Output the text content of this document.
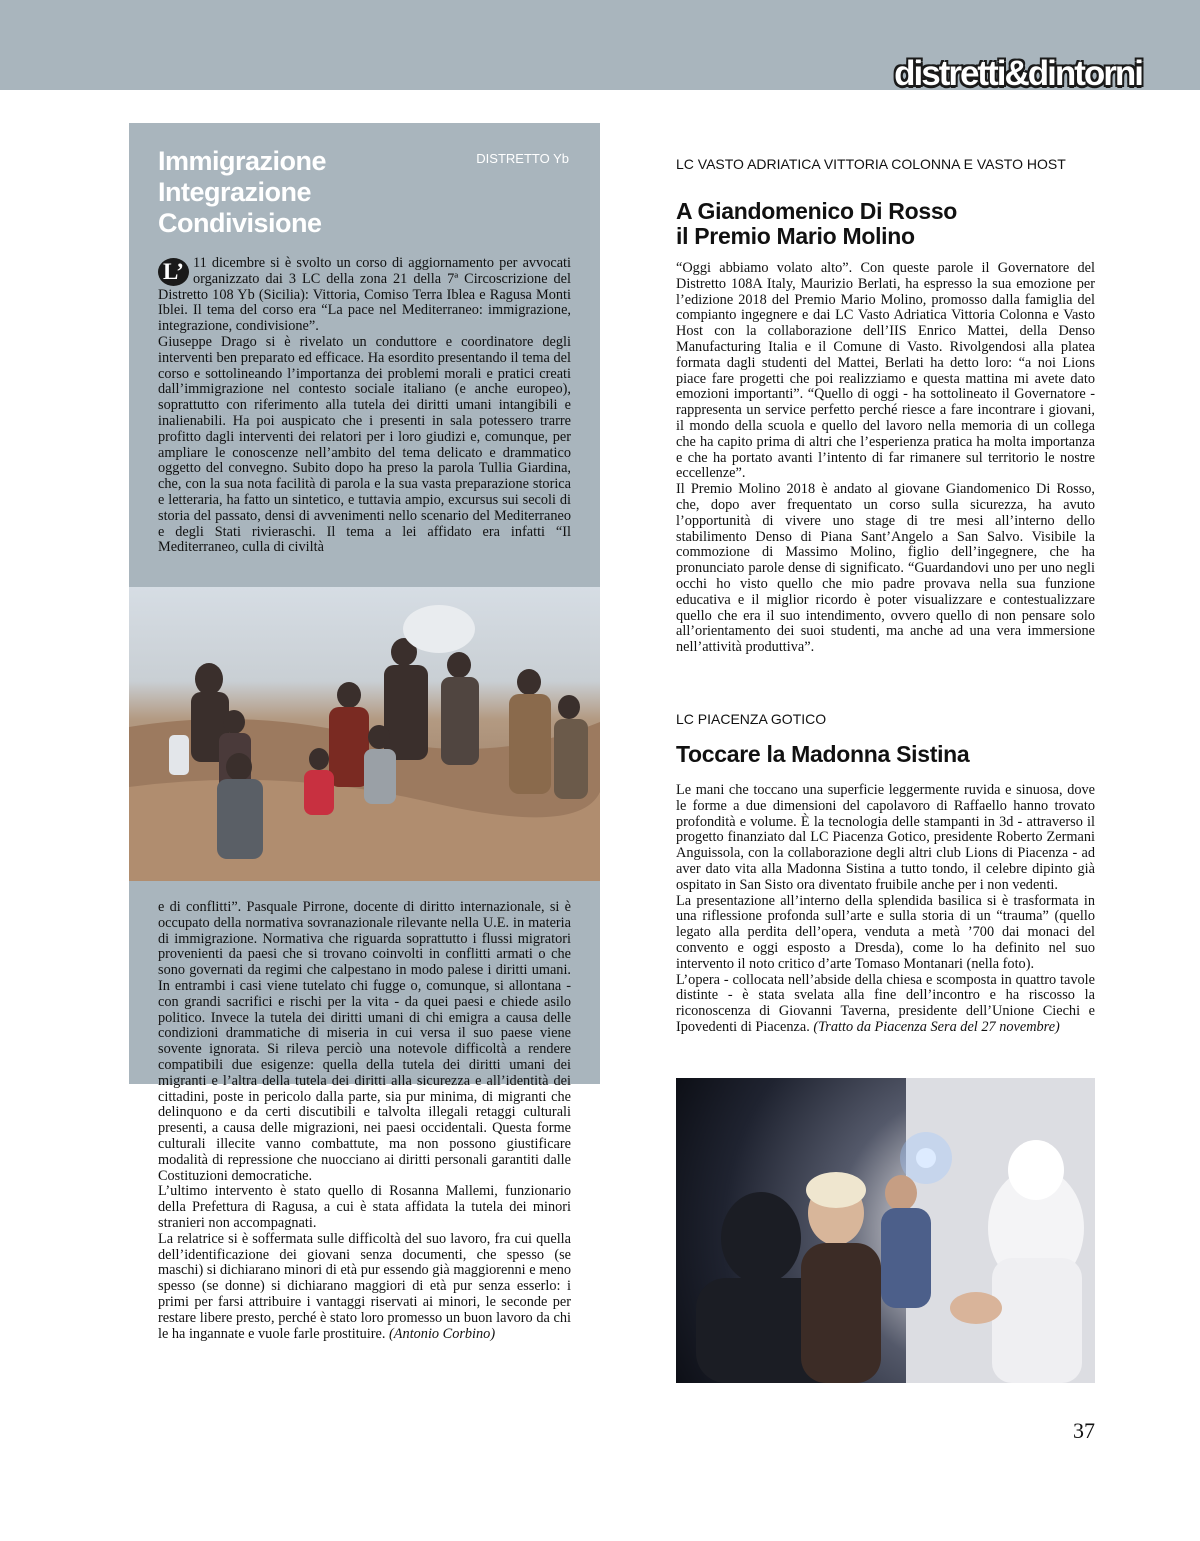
distretti&dintorni
Immigrazione
Integrazione
Condivisione
DISTRETTO Yb

L’ 11 dicembre si è svolto un corso di aggiornamento per avvocati organizzato dai 3 LC della zona 21 della 7ª Circoscrizione del Distretto 108 Yb (Sicilia): Vittoria, Comiso Terra Iblea e Ragusa Monti Iblei. Il tema del corso era “La pace nel Mediterraneo: immigrazione, integrazione, condivisione”.

Giuseppe Drago si è rivelato un conduttore e coordinatore degli interventi ben preparato ed efficace. Ha esordito presentando il tema del corso e sottolineando l’importanza dei problemi morali e pratici creati dall’immigrazione nel contesto sociale italiano (e anche europeo), soprattutto con riferimento alla tutela dei diritti umani intangibili e inalienabili. Ha poi auspicato che i presenti in sala potessero trarre profitto dagli interventi dei relatori per i loro giudizi e, comunque, per ampliare le conoscenze nell’ambito del tema delicato e drammatico oggetto del convegno. Subito dopo ha preso la parola Tullia Giardina, che, con la sua nota facilità di parola e la sua vasta preparazione storica e letteraria, ha fatto un sintetico, e tuttavia ampio, excursus sui secoli di storia del passato, densi di avvenimenti nello scenario del Mediterraneo e degli Stati rivieraschi. Il tema a lei affidato era infatti “Il Mediterraneo, culla di civiltà

e di conflitti”. Pasquale Pirrone, docente di diritto internazionale, si è occupato della normativa sovranazionale rilevante nella U.E. in materia di immigrazione. Normativa che riguarda soprattutto i flussi migratori provenienti da paesi che si trovano coinvolti in conflitti armati o che sono governati da regimi che calpestano in modo palese i diritti umani. In entrambi i casi viene tutelato chi fugge o, comunque, si allontana - con grandi sacrifici e rischi per la vita - da quei paesi e chiede asilo politico. Invece la tutela dei diritti umani di chi emigra a causa delle condizioni drammatiche di miseria in cui versa il suo paese viene sovente ignorata. Si rileva perciò una notevole difficoltà a rendere compatibili due esigenze: quella della tutela dei diritti umani dei migranti e l’altra della tutela dei diritti alla sicurezza e all’identità dei cittadini, poste in pericolo dalla parte, sia pur minima, di migranti che delinquono e da certi discutibili e talvolta illegali retaggi culturali presenti, a causa delle migrazioni, nei paesi occidentali. Questa forme culturali illecite vanno combattute, ma non possono giustificare modalità di repressione che nuocciano ai diritti personali garantiti dalle Costituzioni democratiche.

L’ultimo intervento è stato quello di Rosanna Mallemi, funzionario della Prefettura di Ragusa, a cui è stata affidata la tutela dei minori stranieri non accompagnati.

La relatrice si è soffermata sulle difficoltà del suo lavoro, fra cui quella dell’identificazione dei giovani senza documenti, che spesso (se maschi) si dichiarano minori di età pur essendo già maggiorenni e meno spesso (se donne) si dichiarano maggiori di età pur senza esserlo: i primi per farsi attribuire i vantaggi riservati ai minori, le seconde per restare libere presto, perché è stato loro promesso un buon lavoro da chi le ha ingannate e vuole farle prostituire. (Antonio Corbino)

LC VASTO ADRIATICA VITTORIA COLONNA E VASTO HOST
A Giandomenico Di Rosso
il Premio Mario Molino

“Oggi abbiamo volato alto”. Con queste parole il Governatore del Distretto 108A Italy, Maurizio Berlati, ha espresso la sua emozione per l’edizione 2018 del Premio Mario Molino, promosso dalla famiglia del compianto ingegnere e dai LC Vasto Adriatica Vittoria Colonna e Vasto Host con la collaborazione dell’IIS Enrico Mattei, della Denso Manufacturing Italia e il Comune di Vasto. Rivolgendosi alla platea formata dagli studenti del Mattei, Berlati ha detto loro: “a noi Lions piace fare progetti che poi realizziamo e questa mattina mi avete dato emozioni importanti”. “Quello di oggi - ha sottolineato il Governatore - rappresenta un service perfetto perché riesce a fare incontrare i giovani, il mondo della scuola e quello del lavoro nella memoria di un collega che ha capito prima di altri che l’esperienza pratica ha molta importanza e che ha portato avanti l’intento di far rimanere sul territorio le nostre eccellenze”.

Il Premio Molino 2018 è andato al giovane Giandomenico Di Rosso, che, dopo aver frequentato un corso sulla sicurezza, ha avuto l’opportunità di vivere uno stage di tre mesi all’interno dello stabilimento Denso di Piana Sant’Angelo a San Salvo. Visibile la commozione di Massimo Molino, figlio dell’ingegnere, che ha pronunciato parole dense di significato. “Guardandovi uno per uno negli occhi ho visto quello che mio padre provava nella sua funzione educativa e il miglior ricordo è poter visualizzare e contestualizzare quello che era il suo intendimento, ovvero quello di non pensare solo all’orientamento dei suoi studenti, ma anche ad una vera immersione nell’attività produttiva”.

LC PIACENZA GOTICO
Toccare la Madonna Sistina

Le mani che toccano una superficie leggermente ruvida e sinuosa, dove le forme a due dimensioni del capolavoro di Raffaello hanno trovato profondità e volume. È la tecnologia delle stampanti in 3d - attraverso il progetto finanziato dal LC Piacenza Gotico, presidente Roberto Zermani Anguissola, con la collaborazione degli altri club Lions di Piacenza - ad aver dato vita alla Madonna Sistina a tutto tondo, il celebre dipinto già ospitato in San Sisto ora diventato fruibile anche per i non vedenti.

La presentazione all’interno della splendida basilica si è trasformata in una riflessione profonda sull’arte e sulla storia di un “trauma” (quello legato alla perdita dell’opera, venduta a metà ’700 dai monaci del convento e oggi esposto a Dresda), come lo ha definito nel suo intervento il noto critico d’arte Tomaso Montanari (nella foto).

L’opera - collocata nell’abside della chiesa e scomposta in quattro tavole distinte - è stata svelata alla fine dell’incontro e ha riscosso la riconoscenza di Giovanni Taverna, presidente dell’Unione Ciechi e Ipovedenti di Piacenza. (Tratto da Piacenza Sera del 27 novembre)

37
